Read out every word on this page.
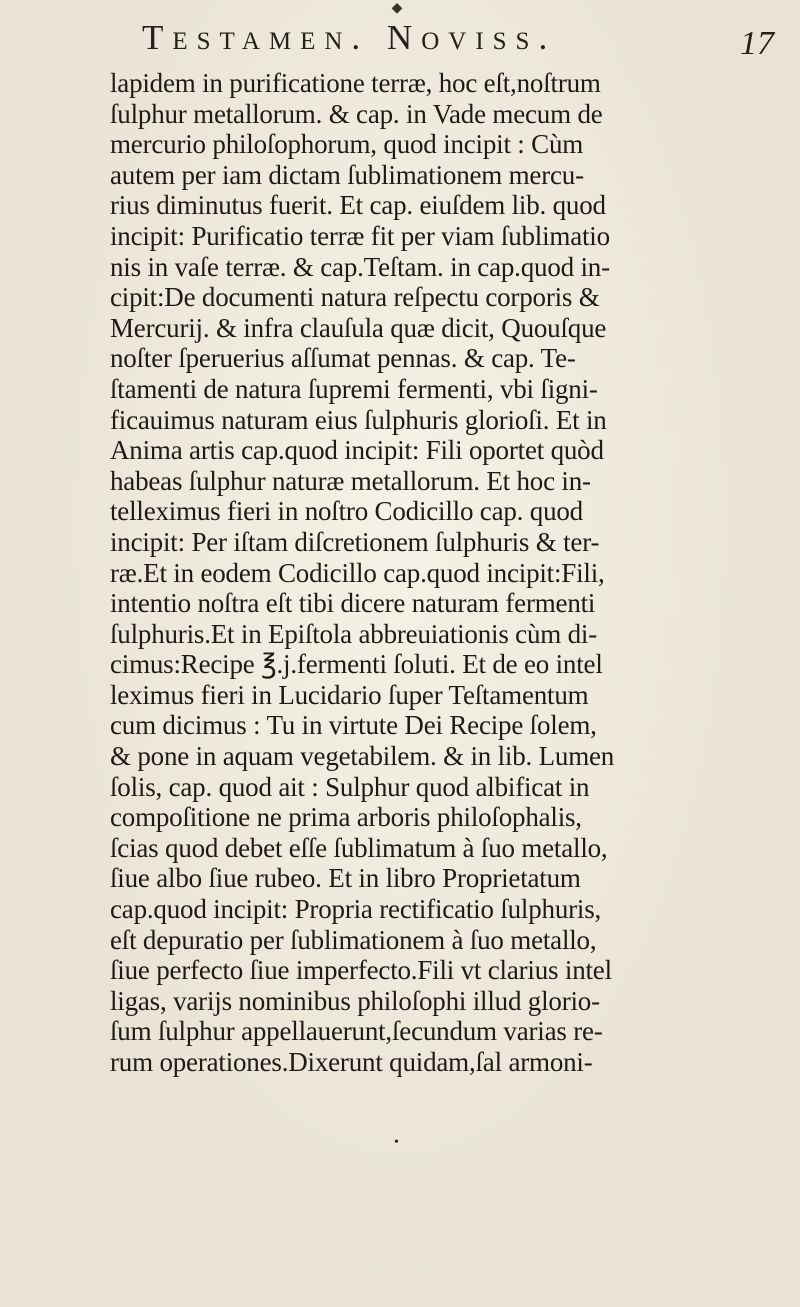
◆
Testamen. Noviss.	17
lapidem in purificatione terræ, hoc eſt,noſtrum
ſulphur metallorum. & cap. in Vade mecum de
mercurio philoſophorum, quod incipit : Cùm
autem per iam dictam ſublimationem mercu-
rius diminutus fuerit. Et cap. eiuſdem lib. quod
incipit: Purificatio terræ fit per viam ſublimatio
nis in vaſe terræ. & cap.Teſtam. in cap.quod in-
cipit:De documenti natura reſpectu corporis &
Mercurij. & infra clauſula quæ dicit, Quouſque
noſter ſperuerius aſſumat pennas. & cap. Te-
ſtamenti de natura ſupremi fermenti, vbi ſigni-
ficauimus naturam eius ſulphuris glorioſi. Et in
Anima artis cap.quod incipit: Fili oportet quòd
habeas ſulphur naturæ metallorum. Et hoc in-
telleximus fieri in noſtro Codicillo cap. quod
incipit: Per iſtam diſcretionem ſulphuris & ter-
ræ.Et in eodem Codicillo cap.quod incipit:Fili,
intentio noſtra eſt tibi dicere naturam fermenti
ſulphuris.Et in Epiſtola abbreuiationis cùm di-
cimus:Recipe ℥.j.fermenti ſoluti. Et de eo intel
leximus fieri in Lucidario ſuper Teſtamentum
cum dicimus : Tu in virtute Dei Recipe ſolem,
& pone in aquam vegetabilem. & in lib. Lumen
ſolis, cap. quod ait : Sulphur quod albificat in
compoſitione ne prima arboris philoſophalis,
ſcias quod debet eſſe ſublimatum à ſuo metallo,
ſiue albo ſiue rubeo. Et in libro Proprietatum
cap.quod incipit: Propria rectificatio ſulphuris,
eſt depuratio per ſublimationem à ſuo metallo,
ſiue perfecto ſiue imperfecto.Fili vt clarius intel
ligas, varijs nominibus philoſophi illud glorio-
ſum ſulphur appellauerunt,ſecundum varias re-
rum operationes.Dixerunt quidam,ſal armoni-
•
